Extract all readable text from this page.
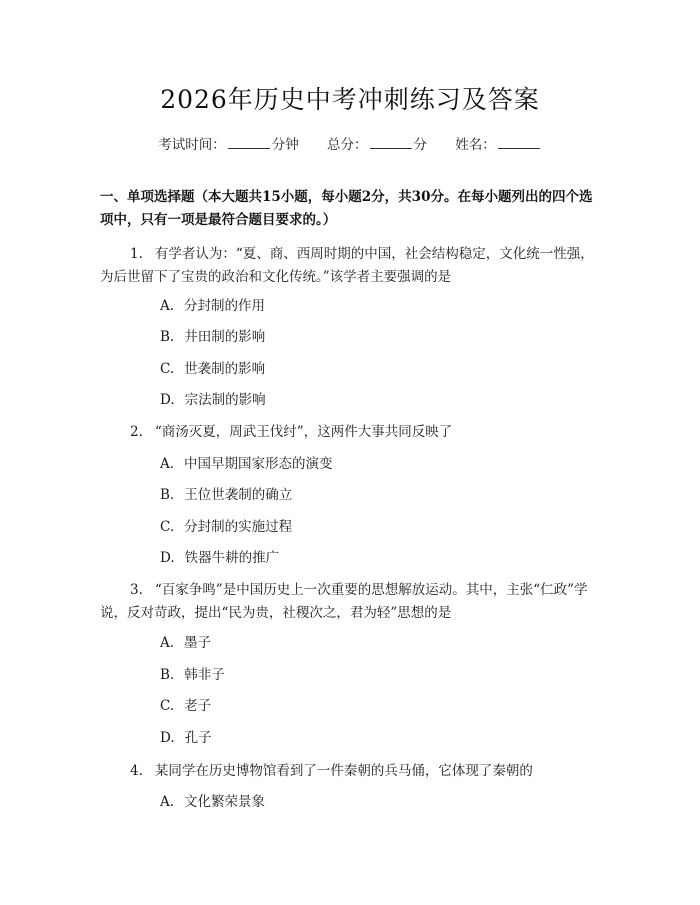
2026年历史中考冲刺练习及答案
考试时间：	分钟 总分：	分 姓名：
一、单项选择题（本大题共15小题，每小题2分，共30分。在每小题列出的四个选项中，只有一项是最符合题目要求的。）
1. 有学者认为：“夏、商、西周时期的中国，社会结构稳定，文化统一性强，为后世留下了宝贵的政治和文化传统。”该学者主要强调的是
A. 分封制的作用
B. 井田制的影响
C. 世袭制的影响
D. 宗法制的影响
2. “商汤灭夏，周武王伐纣”，这两件大事共同反映了
A. 中国早期国家形态的演变
B. 王位世袭制的确立
C. 分封制的实施过程
D. 铁器牛耕的推广
3. “百家争鸣”是中国历史上一次重要的思想解放运动。其中，主张“仁政”学说，反对苛政，提出“民为贵，社稷次之，君为轻”思想的是
A. 墨子
B. 韩非子
C. 老子
D. 孔子
4. 某同学在历史博物馆看到了一件秦朝的兵马俑，它体现了秦朝的
A. 文化繁荣景象
